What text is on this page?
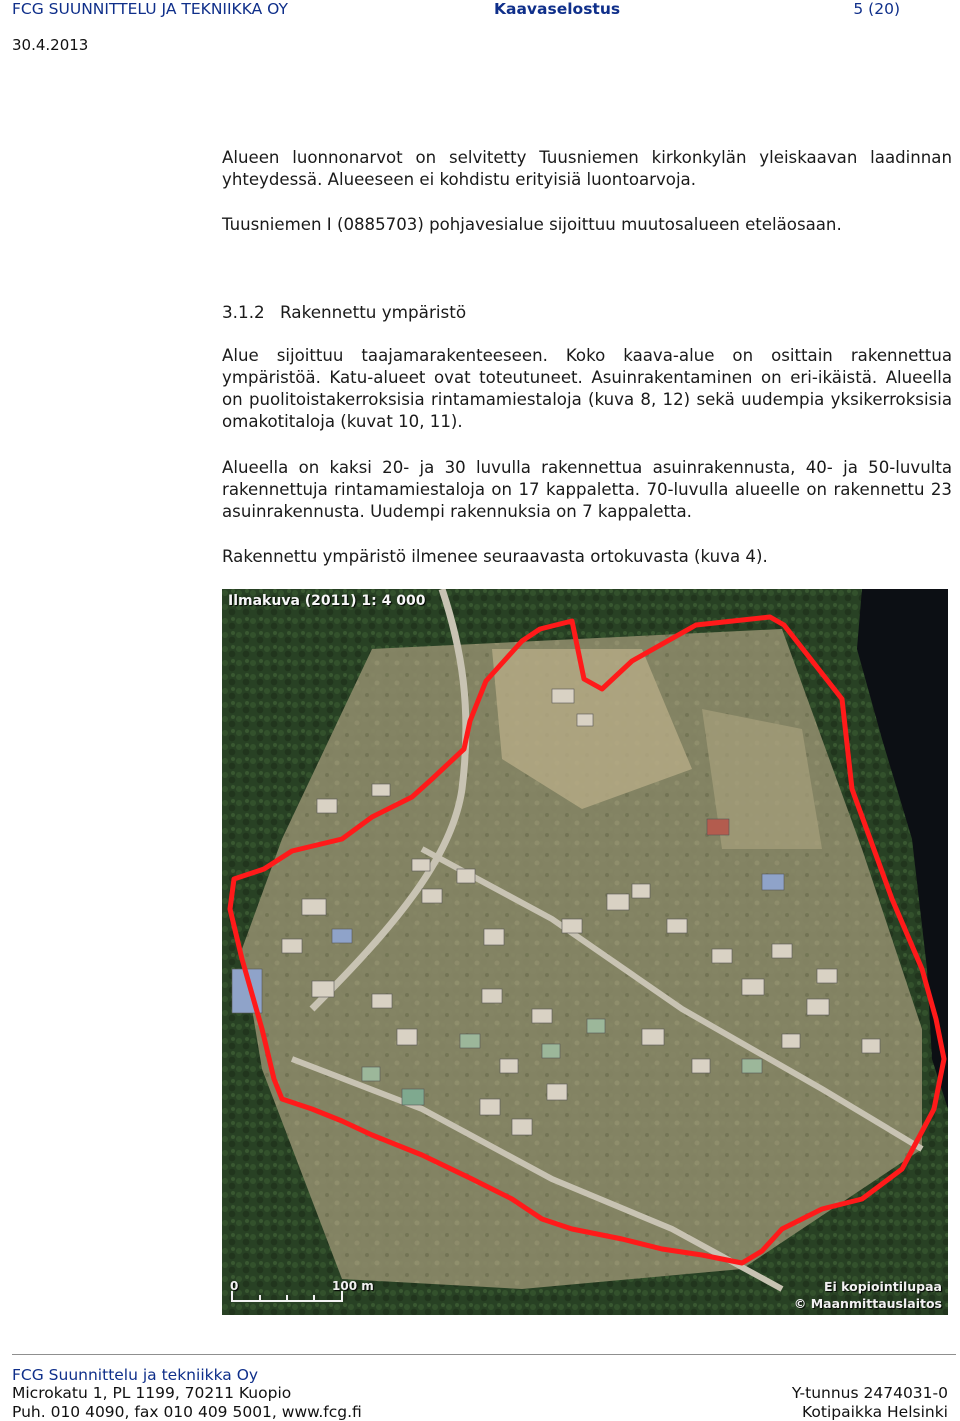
FCG SUUNNITTELU JA TEKNIIKKA OY	Kaavaselostus	5 (20)
30.4.2013

Alueen luonnonarvot on selvitetty Tuusniemen kirkonkylän yleiskaavan laadinnan yhteydessä. Alueeseen ei kohdistu erityisiä luontoarvoja.

Tuusniemen I (0885703) pohjavesialue sijoittuu muutosalueen eteläosaan.

3.1.2 Rakennettu ympäristö

Alue sijoittuu taajamarakenteeseen. Koko kaava-alue on osittain rakennettua ympäristöä. Katu-alueet ovat toteutuneet. Asuinrakentaminen on eri-ikäistä. Alueella on puolitoistakerroksisia rintamamiestaloja (kuva 8, 12) sekä uudempia yksikerroksisia omakotitaloja (kuvat 10, 11).

Alueella on kaksi 20- ja 30 luvulla rakennettua asuinrakennusta, 40- ja 50-luvulta rakennettuja rintamamiestaloja on 17 kappaletta. 70-luvulla alueelle on rakennettu 23 asuinrakennusta. Uudempi rakennuksia on 7 kappaletta.

Rakennettu ympäristö ilmenee seuraavasta ortokuvasta (kuva 4).

Ilmakuva (2011) 1: 4 000
0	100 m	Ei kopiointilupaa
© Maanmittauslaitos
FCG Suunnittelu ja tekniikka Oy
Microkatu 1, PL 1199, 70211 Kuopio
Puh. 010 4090, fax 010 409 5001, www.fcg.fi
Y-tunnus 2474031-0
Kotipaikka Helsinki
